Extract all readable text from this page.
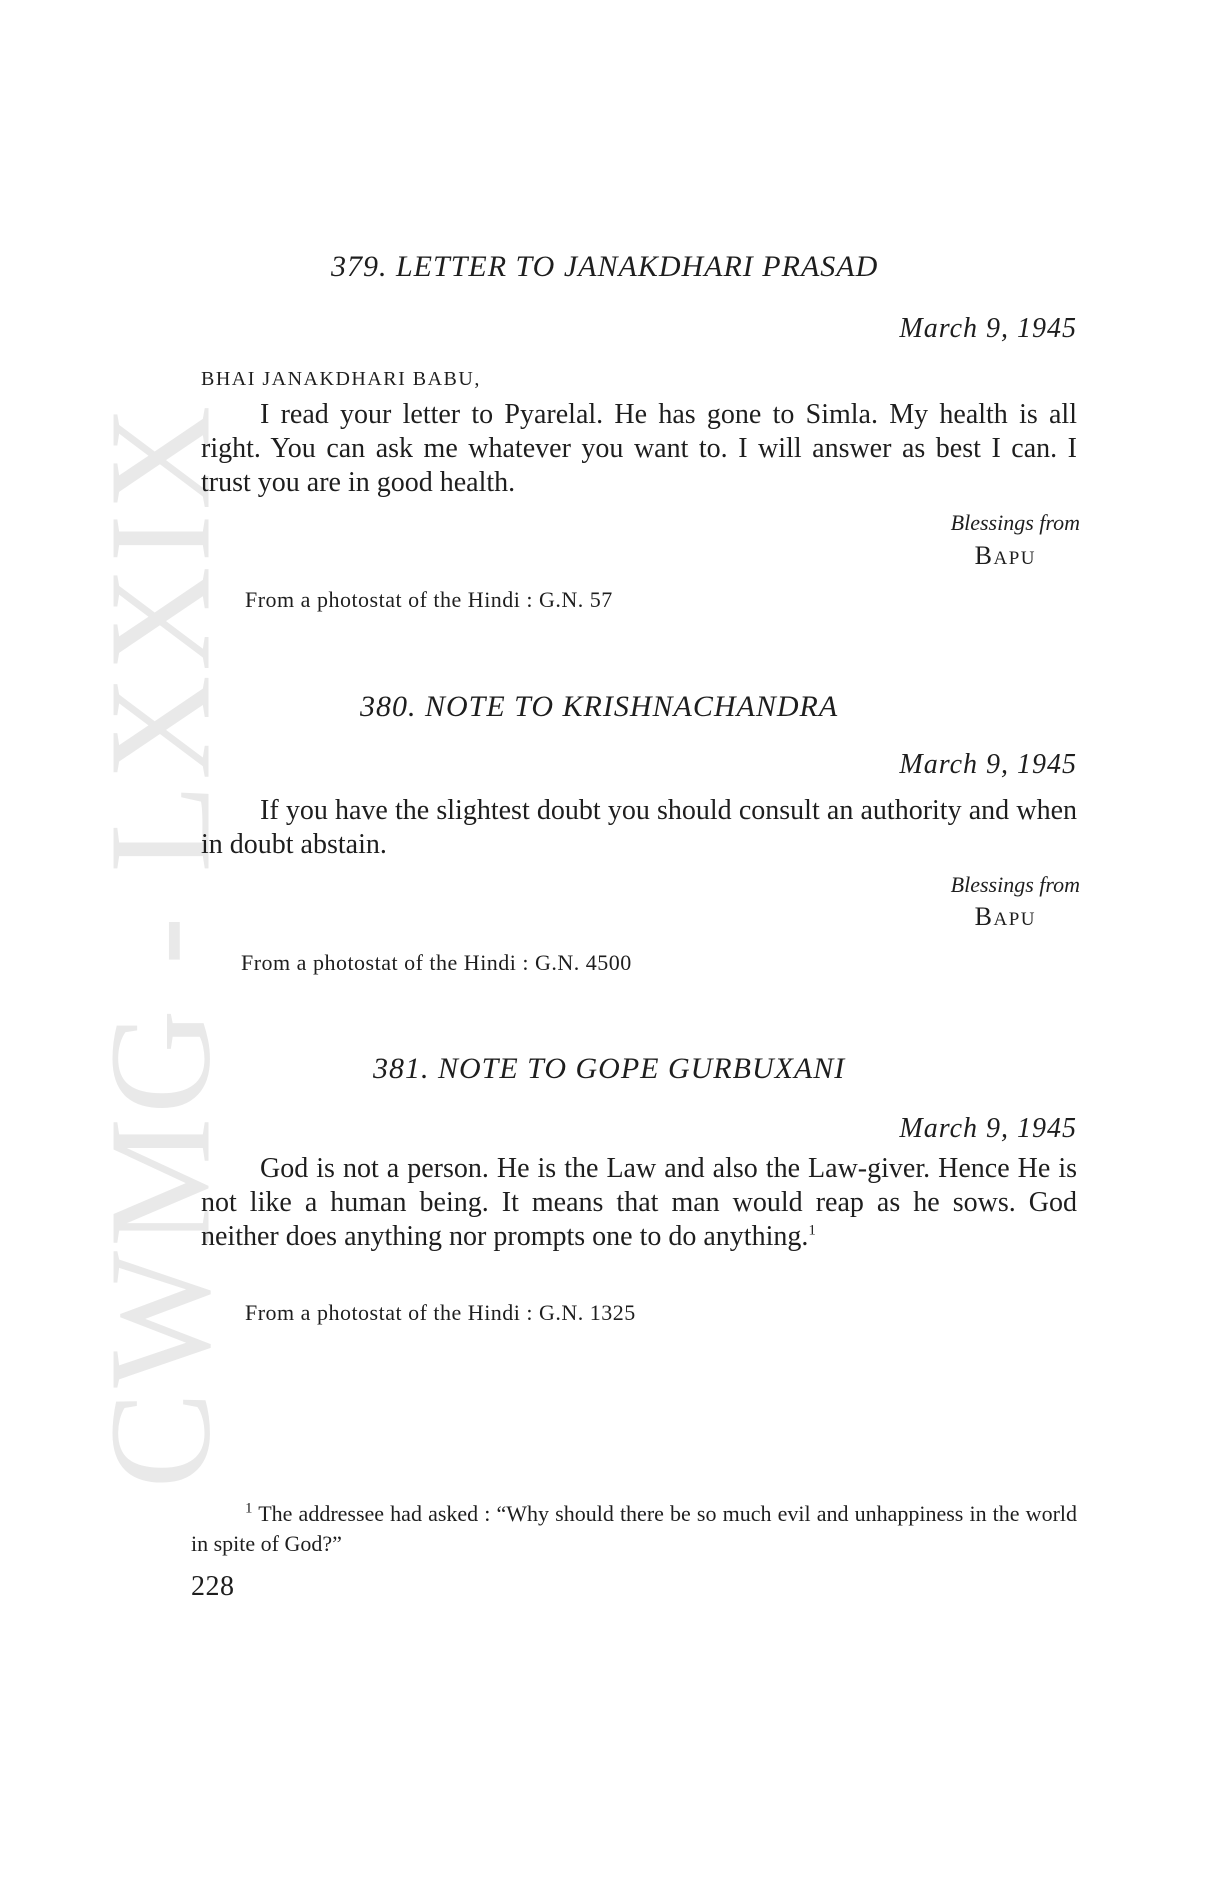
CWMG - LXXIX
379. LETTER TO JANAKDHARI PRASAD
March 9, 1945
BHAI JANAKDHARI BABU,

I read your letter to Pyarelal. He has gone to Simla. My health is all right. You can ask me whatever you want to. I will answer as best I can. I trust you are in good health.

Blessings from
BAPU
From a photostat of the Hindi : G.N. 57
380. NOTE TO KRISHNACHANDRA
March 9, 1945

If you have the slightest doubt you should consult an authority and when in doubt abstain.

Blessings from
BAPU
From a photostat of the Hindi : G.N. 4500
381. NOTE TO GOPE GURBUXANI
March 9, 1945

God is not a person. He is the Law and also the Law-giver. Hence He is not like a human being. It means that man would reap as he sows. God neither does anything nor prompts one to do anything.$^1$

From a photostat of the Hindi : G.N. 1325

$^1$ The addressee had asked : “Why should there be so much evil and unhappiness in the world in spite of God?”

228
